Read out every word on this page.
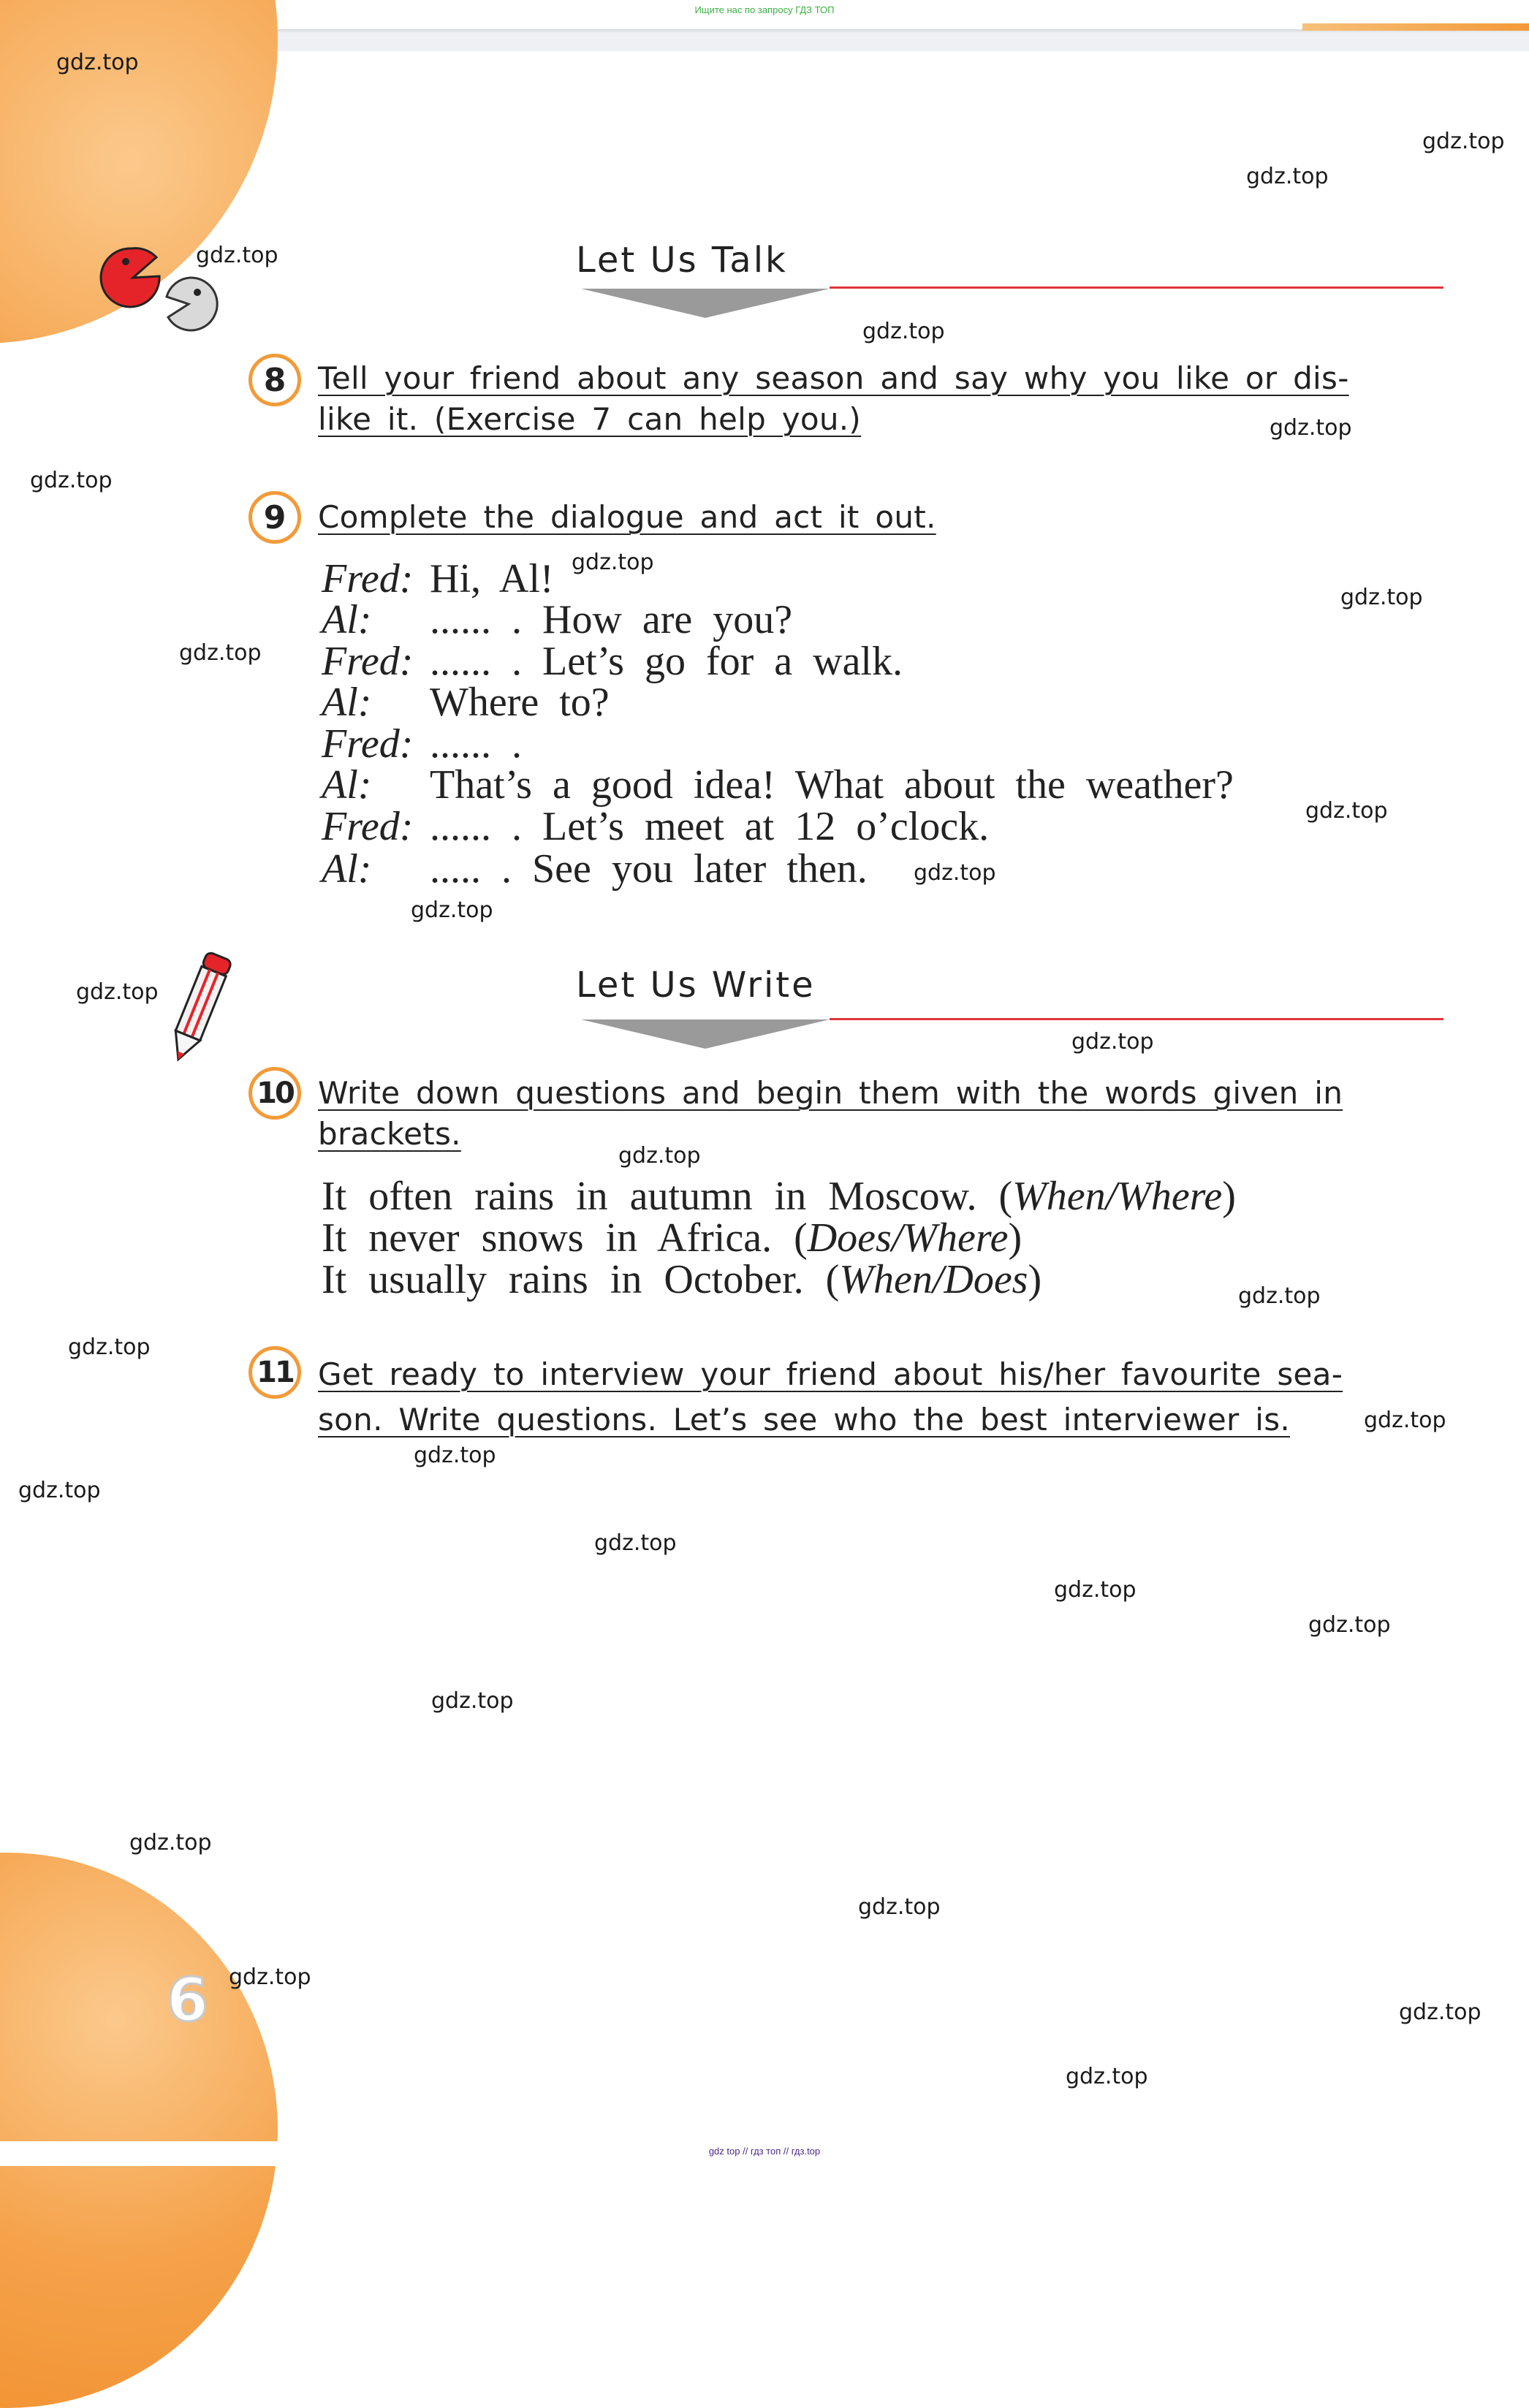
Ищите нас по запросу ГДЗ ТОП
Let Us Talk
8	Tell your friend about any season and say why you like or dis-
like it. (Exercise 7 can help you.)
9	Complete the dialogue and act it out.
Fred: Hi, Al!
Al: ...... . How are you?
Fred: ...... . Let’s go for a walk.
Al: Where to?
Fred: ...... .
Al: That’s a good idea! What about the weather?
Fred: ...... . Let’s meet at 12 o’clock.
Al: ..... . See you later then.
Let Us Write
10 Write down questions and begin them with the words given in
brackets.
It often rains in autumn in Moscow. (When/Where)
It never snows in Africa. (Does/Where)
It usually rains in October. (When/Does)
11 Get ready to interview your friend about his/her favourite sea-
son. Write questions. Let’s see who the best interviewer is.
6
gdz.top
gdz.top
gdz.top
gdz.top
gdz.top
gdz.top
gdz.top
gdz.top
gdz.top
gdz.top
gdz.top
gdz.top
gdz.top
gdz.top
gdz.top
gdz.top
gdz.top
gdz.top
gdz.top
gdz.top
gdz.top
gdz.top
gdz.top
gdz.top
gdz.top
gdz.top
gdz.top
gdz.top
gdz.top
gdz.top
gdz top // гдз топ // гдз.top
